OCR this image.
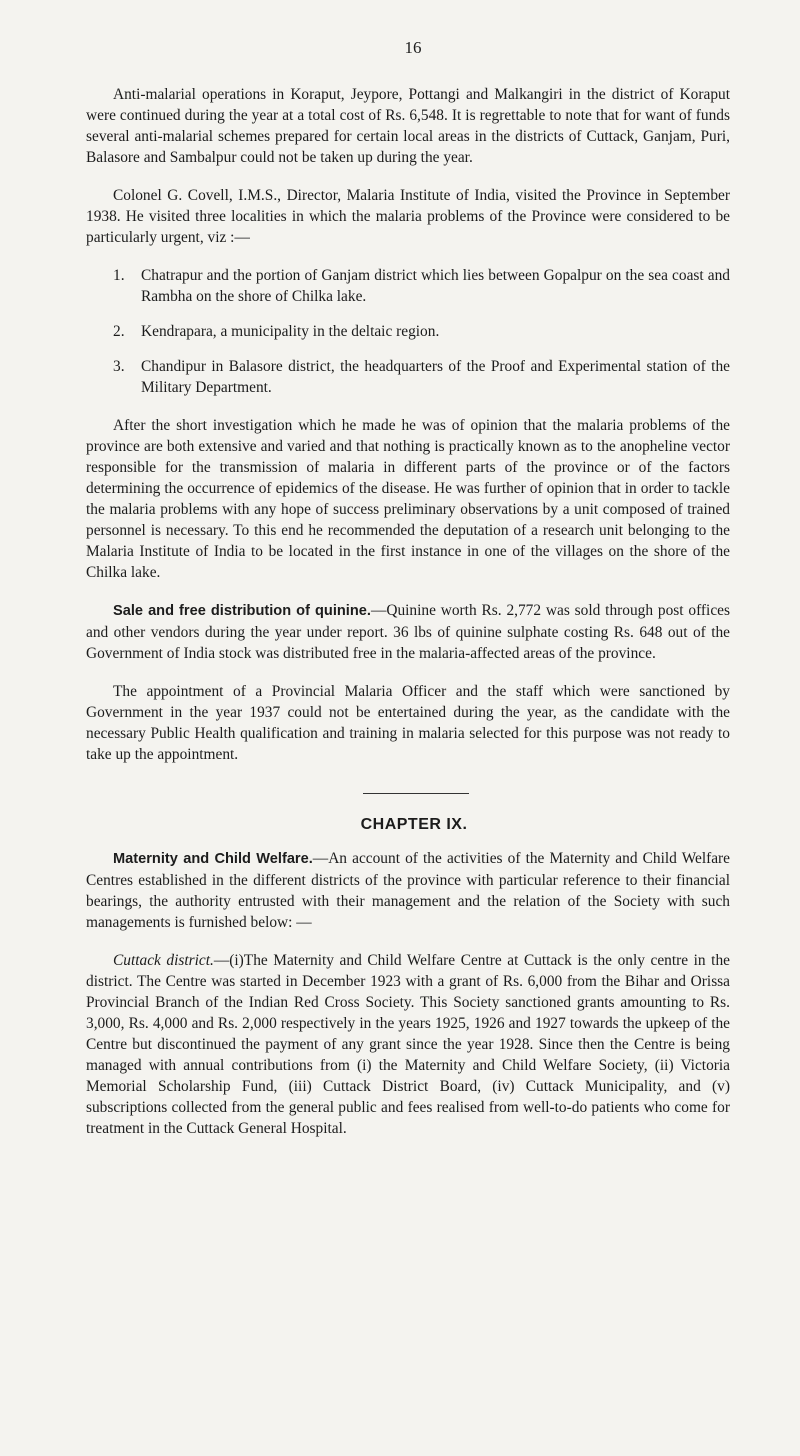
16

Anti-malarial operations in Koraput, Jeypore, Pottangi and Malkangiri in the district of Koraput were continued during the year at a total cost of Rs. 6,548. It is regrettable to note that for want of funds several anti-malarial schemes prepared for certain local areas in the districts of Cuttack, Ganjam, Puri, Balasore and Sambalpur could not be taken up during the year.

Colonel G. Covell, I.M.S., Director, Malaria Institute of India, visited the Province in September 1938. He visited three localities in which the malaria problems of the Province were considered to be particularly urgent, viz :—

1.	Chatrapur and the portion of Ganjam district which lies between Gopalpur on the sea coast and Rambha on the shore of Chilka lake.
2.	Kendrapara, a municipality in the deltaic region.
3.	Chandipur in Balasore district, the headquarters of the Proof and Experimental station of the Military Department.

After the short investigation which he made he was of opinion that the malaria problems of the province are both extensive and varied and that nothing is practically known as to the anopheline vector responsible for the transmission of malaria in different parts of the province or of the factors determining the occurrence of epidemics of the disease. He was further of opinion that in order to tackle the malaria problems with any hope of success preliminary observations by a unit composed of trained personnel is necessary. To this end he recommended the deputation of a research unit belonging to the Malaria Institute of India to be located in the first instance in one of the villages on the shore of the Chilka lake.

Sale and free distribution of quinine.—Quinine worth Rs. 2,772 was sold through post offices and other vendors during the year under report. 36 lbs of quinine sulphate costing Rs. 648 out of the Government of India stock was distributed free in the malaria-affected areas of the province.

The appointment of a Provincial Malaria Officer and the staff which were sanctioned by Government in the year 1937 could not be entertained during the year, as the candidate with the necessary Public Health qualification and training in malaria selected for this purpose was not ready to take up the appointment.

CHAPTER IX.

Maternity and Child Welfare.—An account of the activities of the Maternity and Child Welfare Centres established in the different districts of the province with particular reference to their financial bearings, the authority entrusted with their management and the relation of the Society with such managements is furnished below: —

Cuttack district.—(i)The Maternity and Child Welfare Centre at Cuttack is the only centre in the district. The Centre was started in December 1923 with a grant of Rs. 6,000 from the Bihar and Orissa Provincial Branch of the Indian Red Cross Society. This Society sanctioned grants amounting to Rs. 3,000, Rs. 4,000 and Rs. 2,000 respectively in the years 1925, 1926 and 1927 towards the upkeep of the Centre but discontinued the payment of any grant since the year 1928. Since then the Centre is being managed with annual contributions from (i) the Maternity and Child Welfare Society, (ii) Victoria Memorial Scholarship Fund, (iii) Cuttack District Board, (iv) Cuttack Municipality, and (v) subscriptions collected from the general public and fees realised from well-to-do patients who come for treatment in the Cuttack General Hospital.
